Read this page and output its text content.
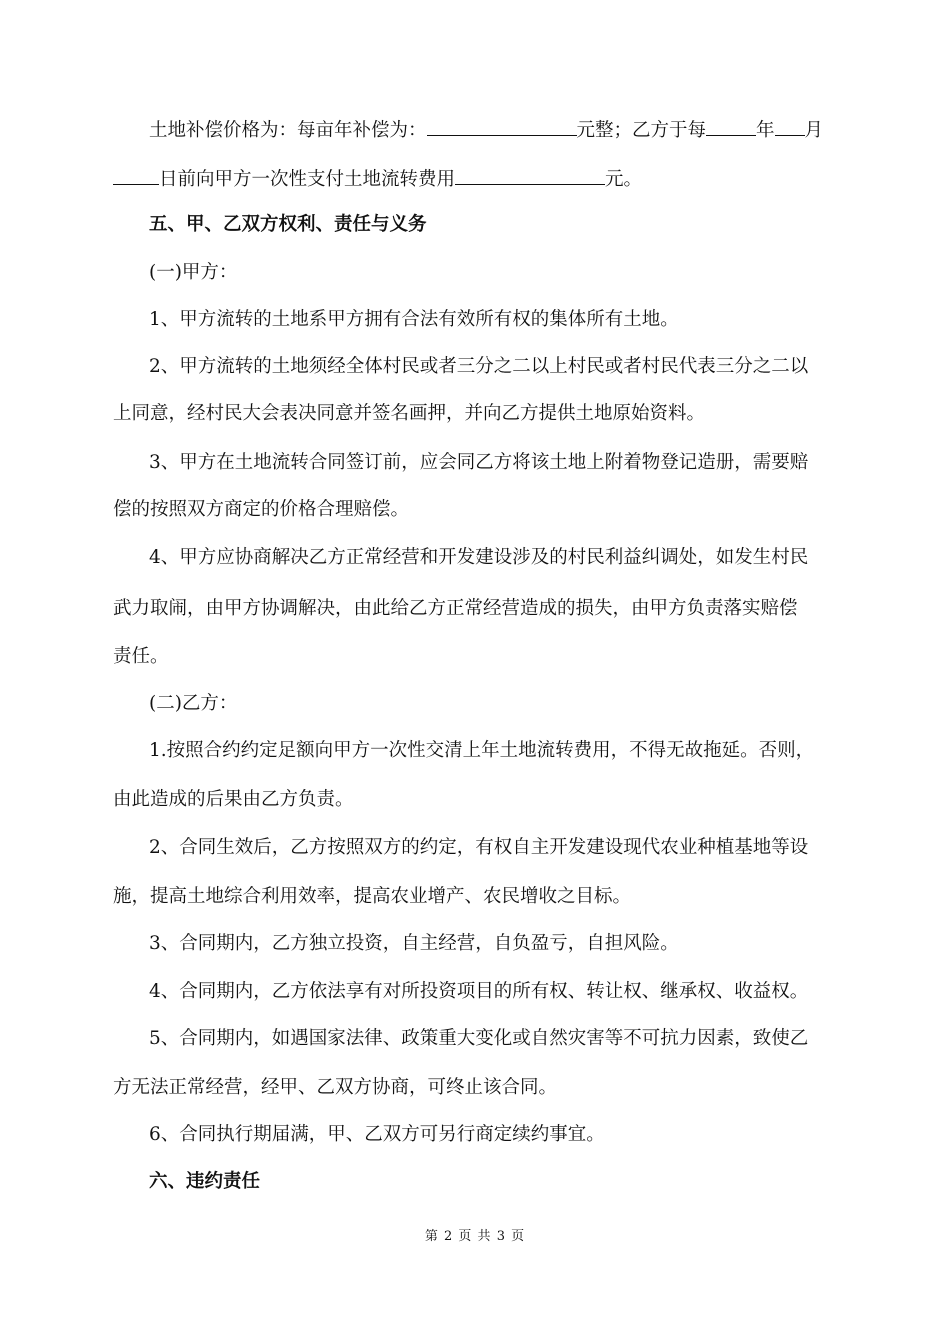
土地补偿价格为：每亩年补偿为：	元整；乙方于每	年 月
日前向甲方一次性支付土地流转费用	元。
五、甲、乙双方权利、责任与义务
(一)甲方：
1、甲方流转的土地系甲方拥有合法有效所有权的集体所有土地。
2、甲方流转的土地须经全体村民或者三分之二以上村民或者村民代表三分之二以
上同意，经村民大会表决同意并签名画押，并向乙方提供土地原始资料。
3、甲方在土地流转合同签订前，应会同乙方将该土地上附着物登记造册，需要赔
偿的按照双方商定的价格合理赔偿。
4、甲方应协商解决乙方正常经营和开发建设涉及的村民利益纠调处，如发生村民
武力取闹，由甲方协调解决，由此给乙方正常经营造成的损失，由甲方负责落实赔偿
责任。
(二)乙方：
1.按照合约约定足额向甲方一次性交清上年土地流转费用，不得无故拖延。否则，
由此造成的后果由乙方负责。
2、合同生效后，乙方按照双方的约定，有权自主开发建设现代农业种植基地等设
施，提高土地综合利用效率，提高农业增产、农民增收之目标。
3、合同期内，乙方独立投资，自主经营，自负盈亏，自担风险。
4、合同期内，乙方依法享有对所投资项目的所有权、转让权、继承权、收益权。
5、合同期内，如遇国家法律、政策重大变化或自然灾害等不可抗力因素，致使乙
方无法正常经营，经甲、乙双方协商，可终止该合同。
6、合同执行期届满，甲、乙双方可另行商定续约事宜。
六、违约责任
第 2 页 共 3 页
